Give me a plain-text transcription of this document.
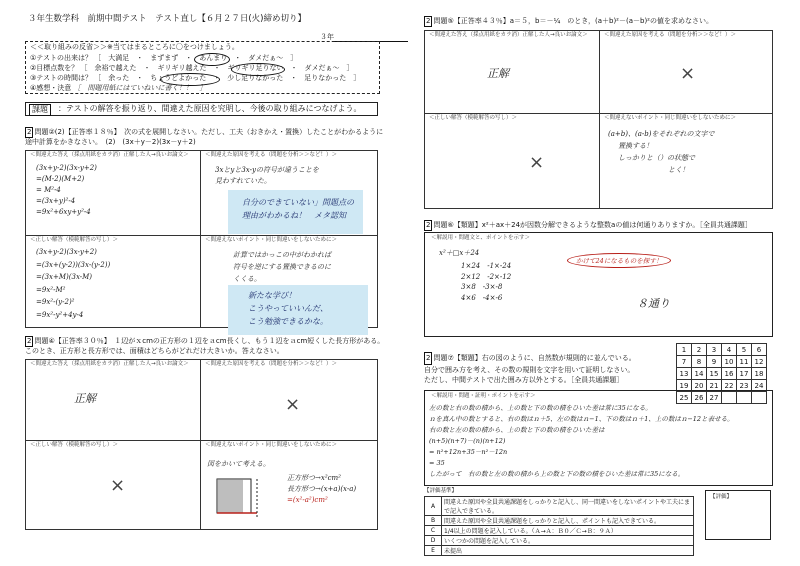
３年生数学科　前期中間テスト　テスト直し【６月２７日(火)締め切り】
３年
＜＜取り組みの反省＞＞※当てはまるところに〇をつけましょう。
①テストの出来は？ ［　大満足　・　まずまず　・　あんまり　・　ダメだぁ〜　］
②目標点数を？ ［　余裕で越えた　・　ギリギリ越えた　・　ギリギリ足りない　・　ダメだぁ〜　］
③テストの時間は？ ［　余った　・　ちょうどよかった　・　少し足りなかった　・　足りなかった　］
④感想・決意 ［　問題用紙にはていねいに書く！！　］
課題	：テストの解答を振り返り、間違えた原因を究明し、今後の取り組みにつなげよう。
2 問題②(2)【正答率１８％】　次の式を展開しなさい。ただし、工夫（おきかえ・置換）したことがわかるように
途中計算をかきなさい。　(2)　(3x＋y－2)(3x－y＋2)
＜間違えた答え（採点用紙をカラ消）正解した人→良いお論文＞
(3x+y-2)(3x-y+2)
=(M-2)(M+2)
= M²-4
=(3x+y)²-4
=9x²+6xy+y²-4
＜間違えた原因を考える（問題を分析＞＞など！）＞
3xとyと3x-yの符号が違うことを
見わすれていた。
＜正しい解答（模範解答の写し）＞
(3x+y-2)(3x-y+2)
=(3x+(y-2))(3x-(y-2))
=(3x+M)(3x-M)
=9x²-M²
=9x²-(y-2)²
=9x²-y²+4y-4
＜間違えないポイント・同じ間違いをしないために＞
計算ではかっこの中がわかれば
符号を逆にする置換できるのに
くくる。
自分のできていない」問題点の
理由がわかるね！　メタ認知
新たな学び！
こうやっていいんだ、
こう勉強できるかな。
2 問題④【正答率３０％】　１辺がｘcmの正方形の１辺をａcm長くし、もう１辺をａcm短くした長方形がある。
このとき、正方形と長方形では、面積はどちらがどれだけ大きいか。答えなさい。
＜間違えた答え（採点用紙をカラ消）正解した人→良いお論文＞
正解
＜間違えた原因を考える（問題を分析＞＞など！）＞
×
＜正しい解答（模範解答の写し）＞
×
＜間違えないポイント・同じ間違いをしないために＞
図をかいて考える。
正方形つ→x²cm²
長方形つ→(x+a)(x-a)
=(x²-a²)cm²
2 問題⑤【正答率４３％】a＝５，b＝－¼　のとき，(a＋b)²－(a－b)²の値を求めなさい。
＜間違えた答え（採点用紙をカラ消）正解した人→良いお論文＞
正解
＜間違えた原因を考える（問題を分析＞＞など！）＞
×
＜正しい解答（模範解答の写し）＞
×
＜間違えないポイント・同じ間違いをしないために＞
(a+b)、(a-b)をそれぞれの文字で
置換する！
しっかりと（）の状態で
とく！
2 問題⑥【類題】x²＋ax＋24が因数分解できるような整数aの値は何通りありますか。［全員共通課題］
＜解説用・問題文と、ポイントを示す＞
x²＋□x＋24
1×24　-1×-24
2×12　-2×-12
3×8　-3×-8
4×6　-4×-6
かけて24になるものを探す！
８通り
2 問題⑦【類題】右の図のように、自然数が規則的に並んでいる。
自分で囲み方を考え、その数の規則を文字を用いて証明しなさい。
ただし、中間テストで出た囲み方以外とする。［全員共通課題］
1	2	3	4	5	6
7	8	9	10	11	12
13	14	15	16	17	18
19	20	21	22	23	24
25	26	27			
＜解説用・問題・証明・ポイントを示す＞
左の数と右の数の積から、上の数と下の数の積をひいた差は常に35になる。
ｎを真ん中の数とすると、右の数はｎ＋5、左の数はｎ−1、下の数はｎ＋1、上の数はｎ−12と表せる。
右の数と左の数の積から、上の数と下の数の積をひいた差は
(n+5)(n+7)－(n)(n+12)
= n²+12n+35－n²－12n
= 35
したがって　右の数と左の数の積から上の数と下の数の積をひいた差は常に35になる。
【評価基準】
A	間違えた原因や全員共通課題をしっかりと記入し、同一間違いをしないポイントや工夫にまで記入できている。
B	間違えた原因や全員共通課題をしっかりと記入し、ポイントも記入できている。
C	1/4以上の問題を記入している。（Ａ→Ａ：Ｂ０／Ｃ→Ｂ：９Ａ）
D	いくつかの問題を記入している。
E	未提出
【評価】
